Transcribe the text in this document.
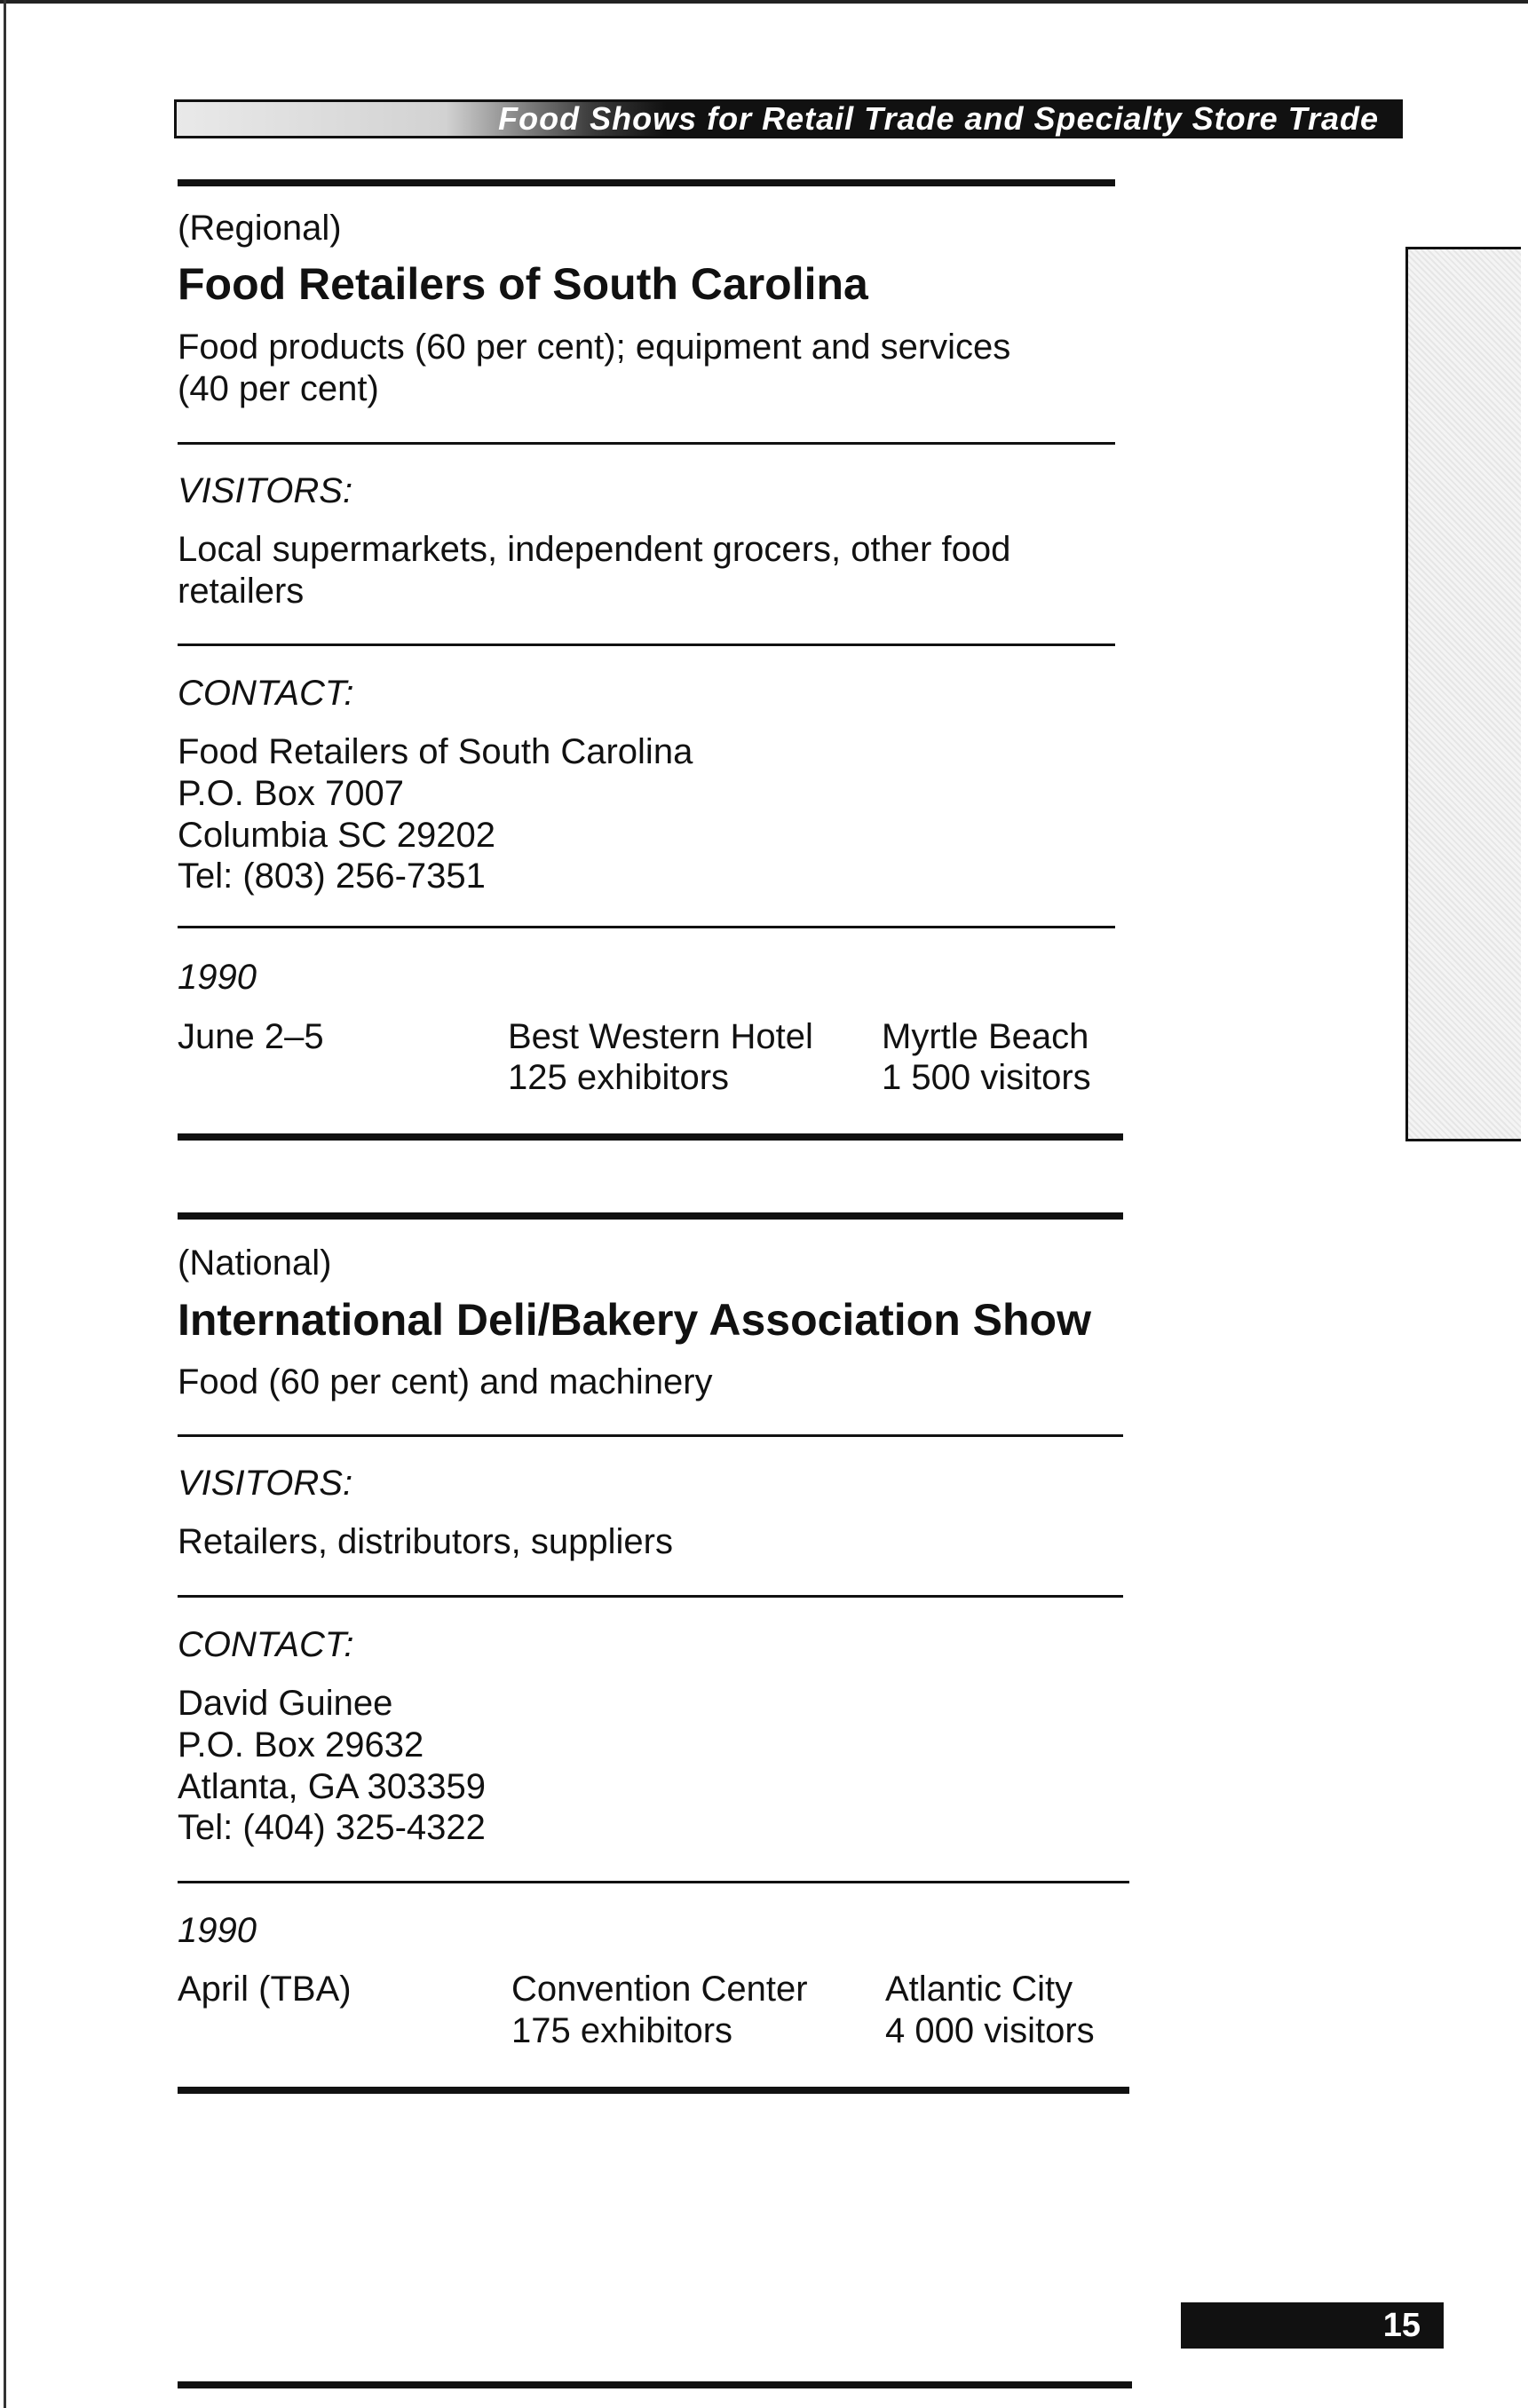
Food Shows for Retail Trade and Specialty Store Trade
(Regional)
Food Retailers of South Carolina
Food products (60 per cent); equipment and services
(40 per cent)
VISITORS:
Local supermarkets, independent grocers, other food
retailers
CONTACT:
Food Retailers of South Carolina
P.O. Box 7007
Columbia SC 29202
Tel: (803) 256-7351
1990
June 2–5	Best Western Hotel
125 exhibitors
Myrtle Beach
1 500 visitors
(National)
International Deli/Bakery Association Show
Food (60 per cent) and machinery
VISITORS:
Retailers, distributors, suppliers
CONTACT:
David Guinee
P.O. Box 29632
Atlanta, GA 303359
Tel: (404) 325-4322
1990
April (TBA)	Convention Center
175 exhibitors
Atlantic City
4 000 visitors
15
